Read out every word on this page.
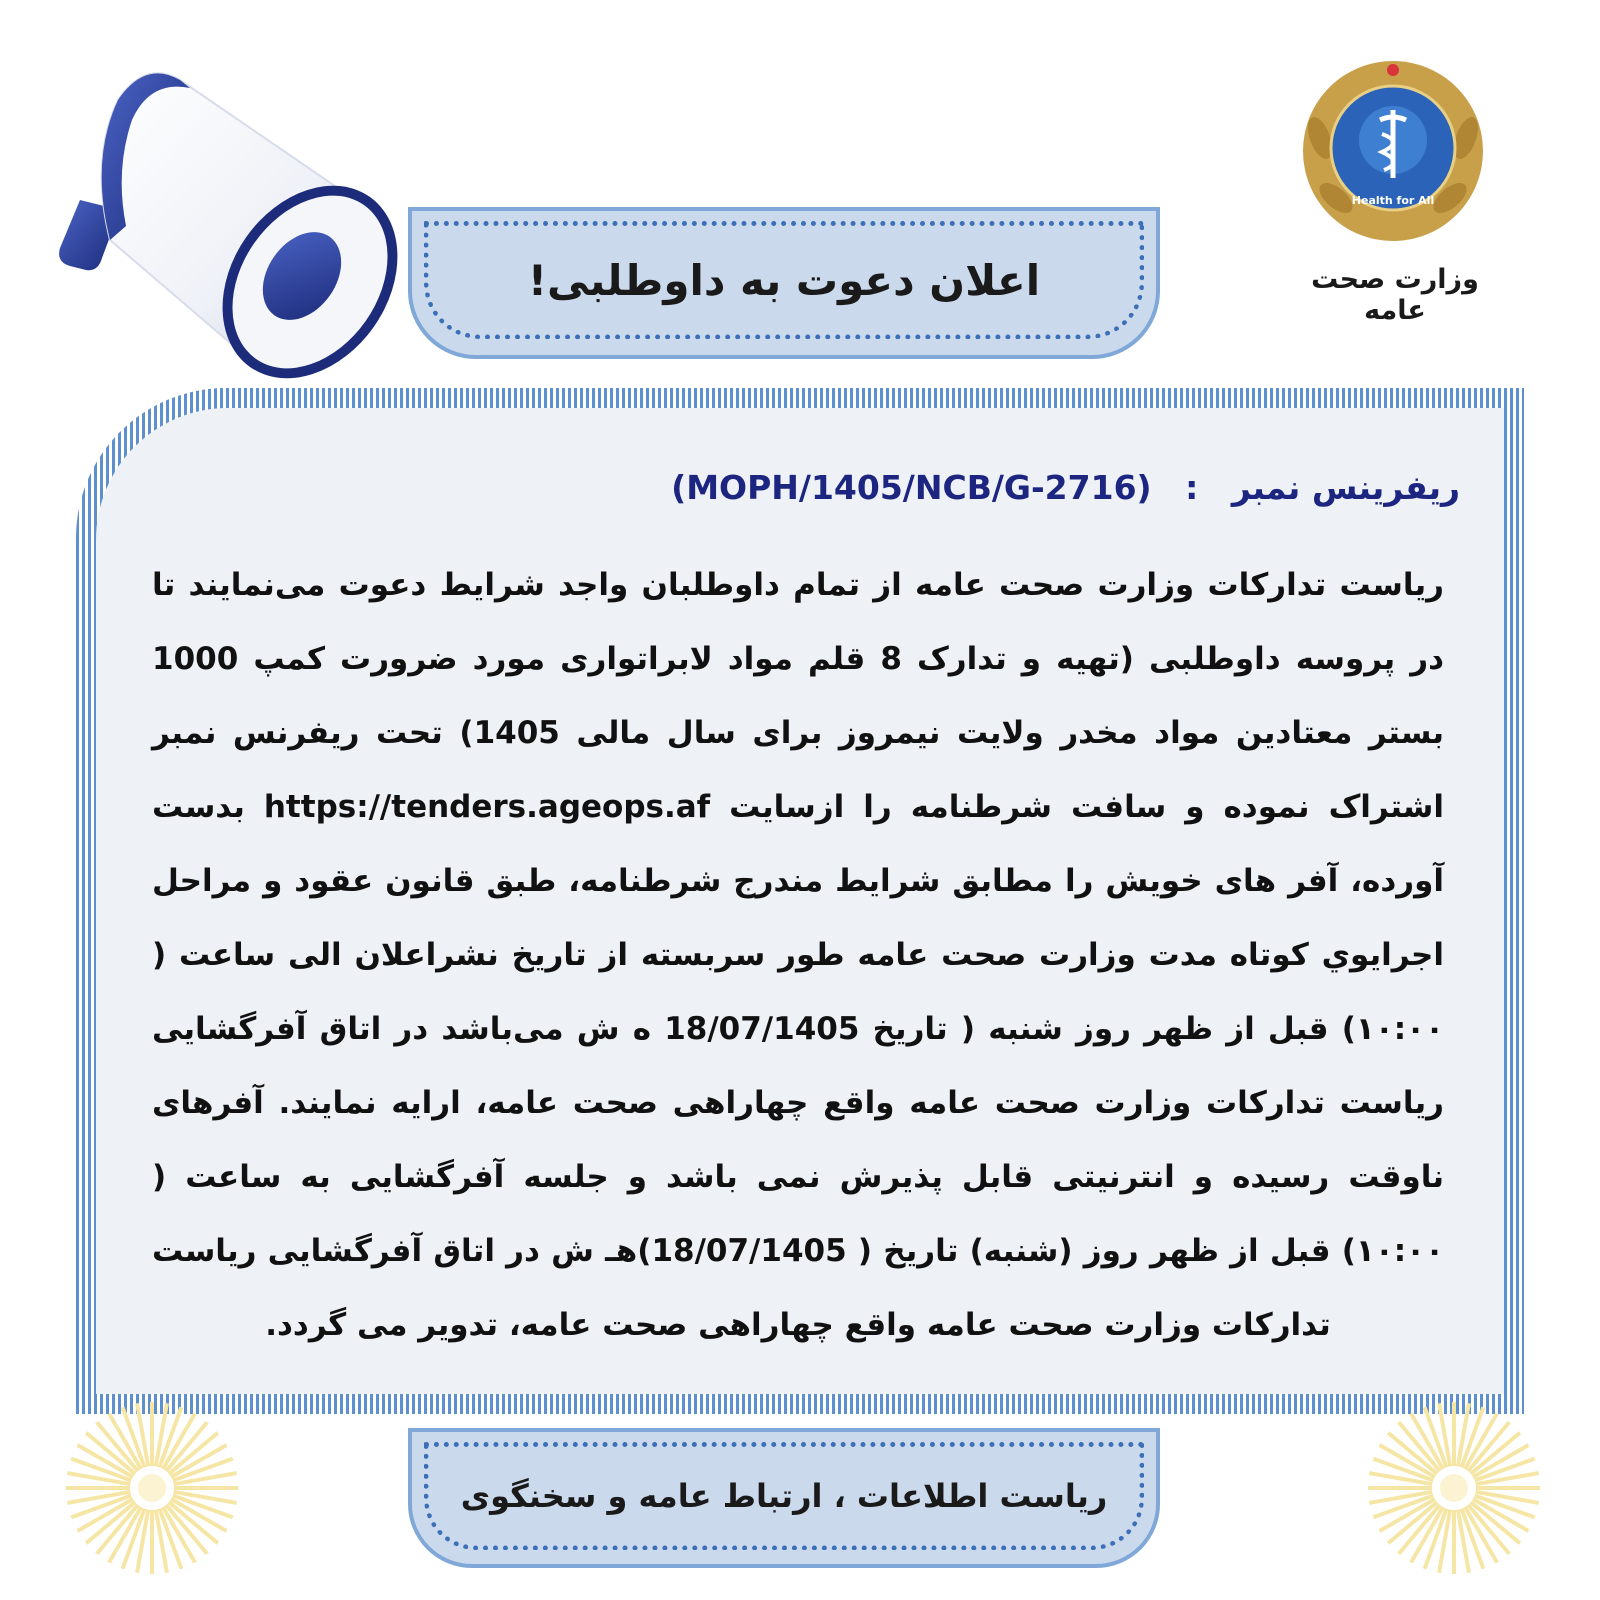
Health for All
وزارت صحت عامه
اعلان دعوت به داوطلبی!
ریفرینس نمبر : (MOPH/1405/NCB/G-2716)
ریاست تدارکات وزارت صحت عامه از تمام داوطلبان واجد شرایط دعوت می‌نمایند تا در پروسه داوطلبی (تهیه و تدارک 8 قلم مواد لابراتواری مورد ضرورت کمپ 1000 بستر معتادین مواد مخدر ولایت نیمروز برای سال مالی 1405) تحت ریفرنس نمبر اشتراک نموده و سافت شرطنامه را ازسایت https://tenders.ageops.af بدست آورده، آفر های خویش را مطابق شرایط مندرج شرطنامه، طبق قانون عقود و مراحل اجرایوي کوتاه مدت وزارت صحت عامه طور سربسته از تاریخ نشراعلان الی ساعت ( ۱۰:۰۰) قبل از ظهر روز شنبه ( تاریخ 18/07/1405 ه ش می‌باشد در اتاق آفرگشایی ریاست تدارکات وزارت صحت عامه واقع چهاراهی صحت عامه، ارایه نمایند. آفرهای ناوقت رسیده و انترنیتی قابل پذیرش نمی باشد و جلسه آفرگشایی به ساعت ( ۱۰:۰۰) قبل از ظهر روز (شنبه) تاریخ ( 18/07/1405)هـ ش در اتاق آفرگشایی ریاست تدارکات وزارت صحت عامه واقع چهاراهی صحت عامه، تدویر می گردد.
ریاست اطلاعات ، ارتباط عامه و سخنگوی
